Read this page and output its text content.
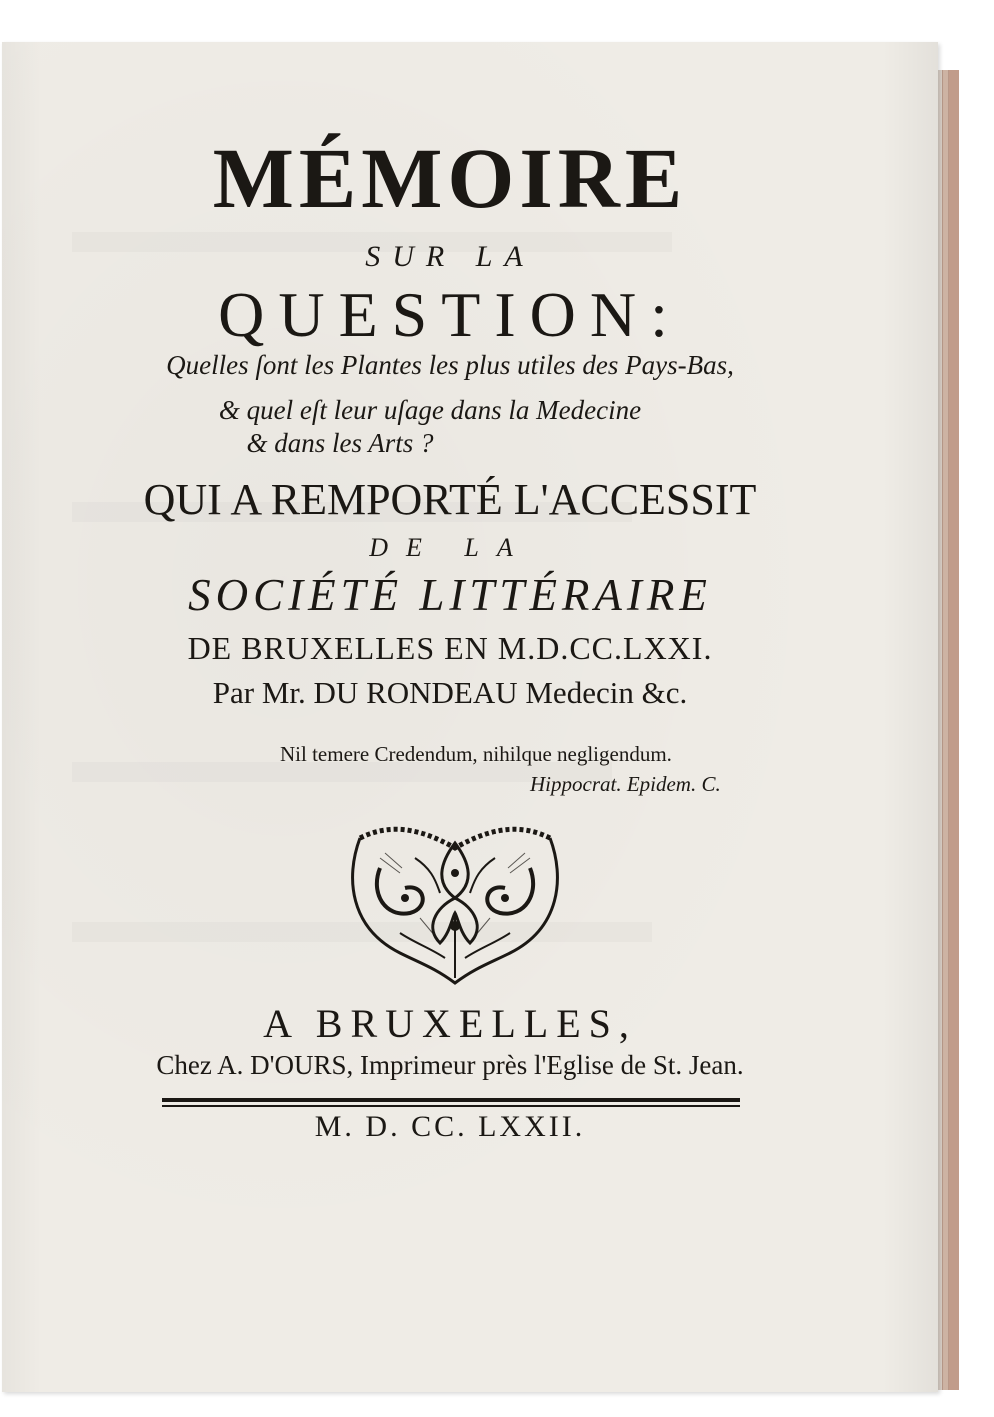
MÉMOIRE

SUR LA

QUESTION:

Quelles ſont les Plantes les plus utiles des Pays-Bas,

& quel eſt leur uſage dans la Medecine

& dans les Arts ?

QUI A REMPORTÉ L'ACCESSIT

DE LA

SOCIÉTÉ LITTÉRAIRE

DE BRUXELLES EN M.D.CC.LXXI.

Par Mr. DU RONDEAU Medecin &c.

Nil temere Credendum, nihilque negligendum.

Hippocrat. Epidem. C.

A BRUXELLES,

Chez A. D'OURS, Imprimeur près l'Eglise de St. Jean.

M. D. CC. LXXII.
